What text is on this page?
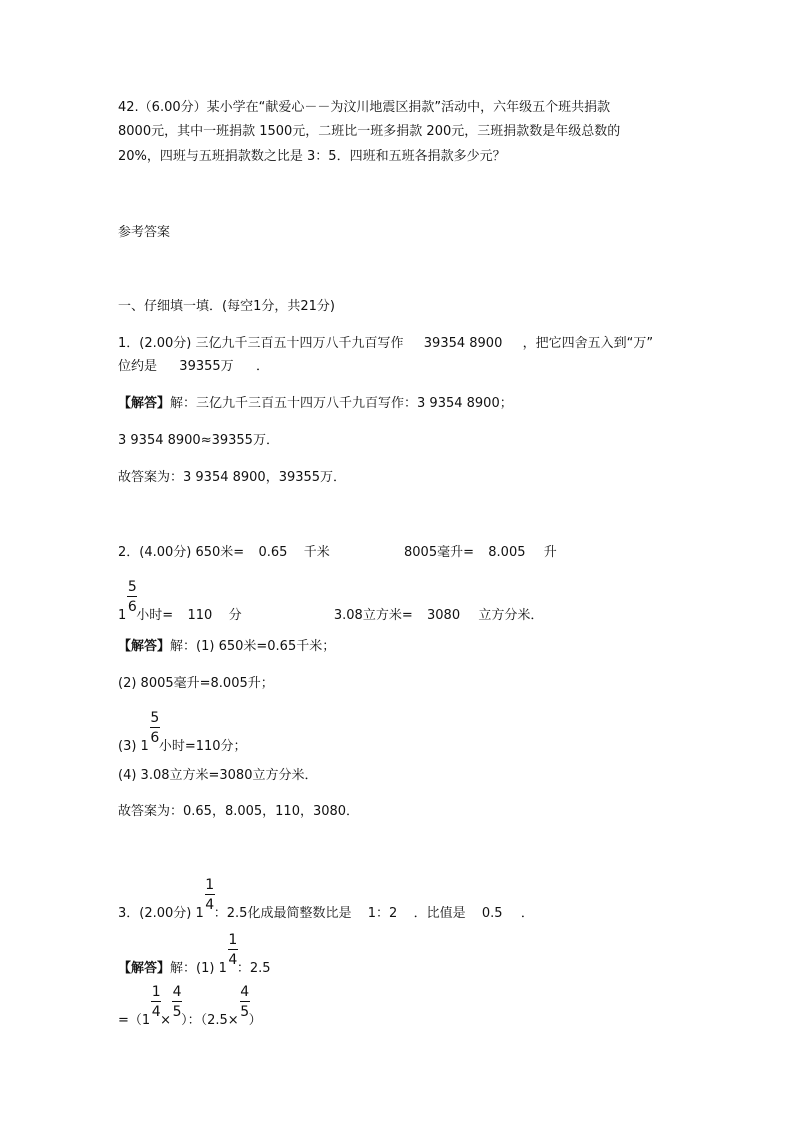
42.（6.00分）某小学在“献爱心－－为汶川地震区捐款”活动中，六年级五个班共捐款
8000元，其中一班捐款 1500元，二班比一班多捐款 200元，三班捐款数是年级总数的
20%，四班与五班捐款数之比是 3：5．四班和五班各捐款多少元？
参考答案
一、仔细填一填．(每空1分，共21分)
1．(2.00分) 三亿九千三百五十四万八千九百写作 39354 8900 ，把它四舍五入到“万”
位约是 39355万 ．
【解答】解：三亿九千三百五十四万八千九百写作：3 9354 8900；
3 9354 8900≈39355万．
故答案为：3 9354 8900，39355万．
2．(4.00分) 650米= 0.65 千米	8005毫升= 8.005 升
$1 \frac{5}{6}$ 小时= 110 分	3.08立方米= 3080 立方分米．
【解答】解：(1) 650米=0.65千米；
(2) 8005毫升=8.005升；
(3) $1 \frac{5}{6}$ 小时=110分；
(4) 3.08立方米=3080立方分米．
故答案为：0.65，8.005，110，3080．
3．(2.00分) $1 \frac{1}{4}$ ：2.5化成最简整数比是 1：2 ．比值是 0.5 ．
【解答】解：(1) $1 \frac{1}{4}$ ：2.5
$=(1 \frac{1}{4} \times \frac{4}{5}$ ）：（$2.5\times \frac{4}{5}$ ）
